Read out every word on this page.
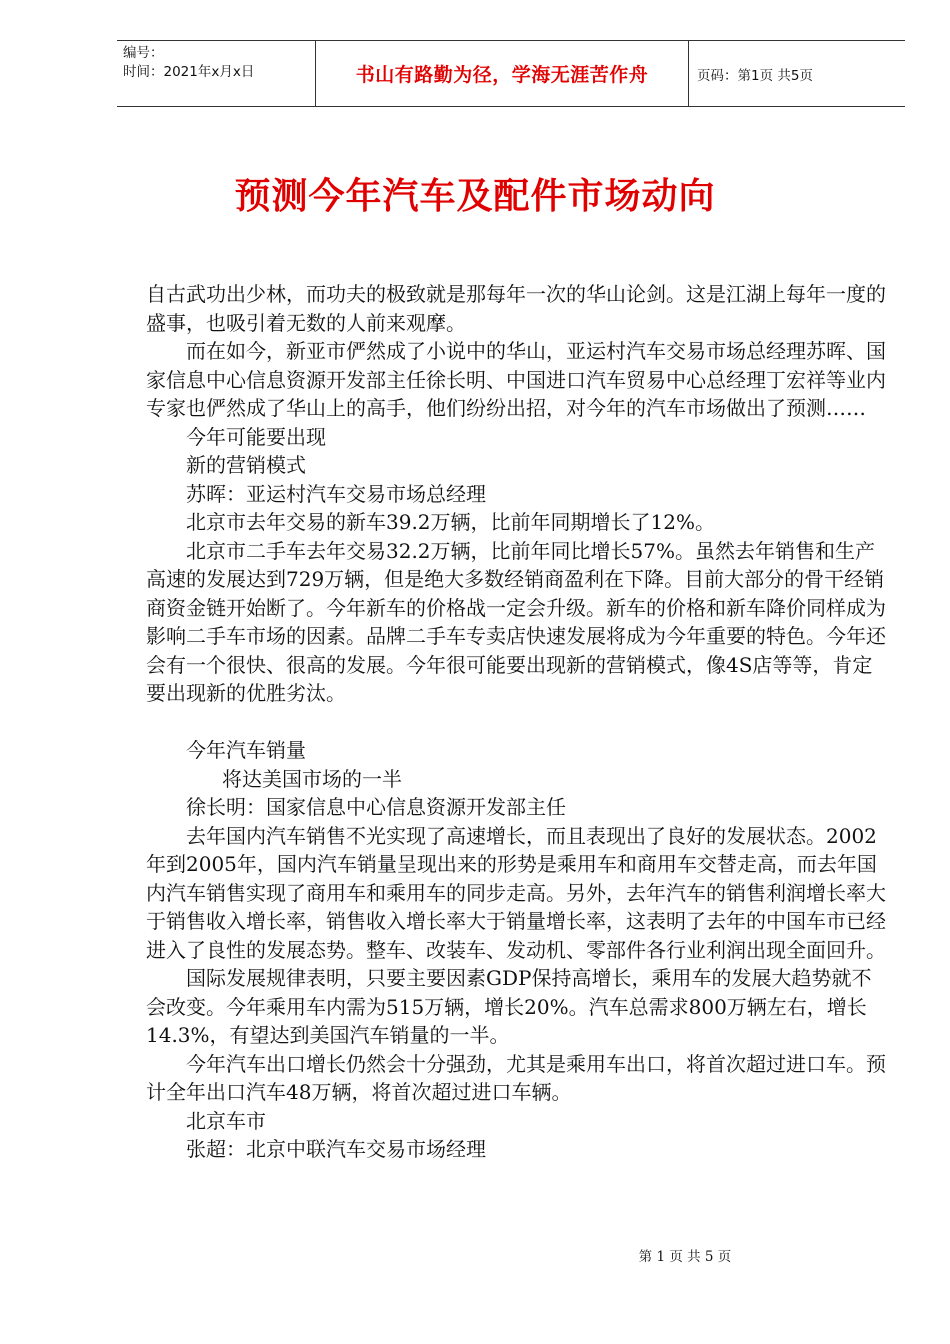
编号：
时间：2021年x月x日	书山有路勤为径，学海无涯苦作舟	页码：第1页 共5页
预测今年汽车及配件市场动向

自古武功出少林，而功夫的极致就是那每年一次的华山论剑。这是江湖上每年一度的盛事，也吸引着无数的人前来观摩。

而在如今，新亚市俨然成了小说中的华山，亚运村汽车交易市场总经理苏晖、国家信息中心信息资源开发部主任徐长明、中国进口汽车贸易中心总经理丁宏祥等业内专家也俨然成了华山上的高手，他们纷纷出招，对今年的汽车市场做出了预测……

今年可能要出现

新的营销模式

苏晖：亚运村汽车交易市场总经理

北京市去年交易的新车39.2万辆，比前年同期增长了12%。

北京市二手车去年交易32.2万辆，比前年同比增长57%。虽然去年销售和生产高速的发展达到729万辆，但是绝大多数经销商盈利在下降。目前大部分的骨干经销商资金链开始断了。今年新车的价格战一定会升级。新车的价格和新车降价同样成为影响二手车市场的因素。品牌二手车专卖店快速发展将成为今年重要的特色。今年还会有一个很快、很高的发展。今年很可能要出现新的营销模式，像4S店等等，肯定要出现新的优胜劣汰。

今年汽车销量

将达美国市场的一半

徐长明：国家信息中心信息资源开发部主任

去年国内汽车销售不光实现了高速增长，而且表现出了良好的发展状态。2002年到2005年，国内汽车销量呈现出来的形势是乘用车和商用车交替走高，而去年国内汽车销售实现了商用车和乘用车的同步走高。另外，去年汽车的销售利润增长率大于销售收入增长率，销售收入增长率大于销量增长率，这表明了去年的中国车市已经进入了良性的发展态势。整车、改装车、发动机、零部件各行业利润出现全面回升。

国际发展规律表明，只要主要因素GDP保持高增长，乘用车的发展大趋势就不会改变。今年乘用车内需为515万辆，增长20%。汽车总需求800万辆左右，增长14.3%，有望达到美国汽车销量的一半。

今年汽车出口增长仍然会十分强劲，尤其是乘用车出口，将首次超过进口车。预计全年出口汽车48万辆，将首次超过进口车辆。

北京车市

张超：北京中联汽车交易市场经理

第 1 页 共 5 页
